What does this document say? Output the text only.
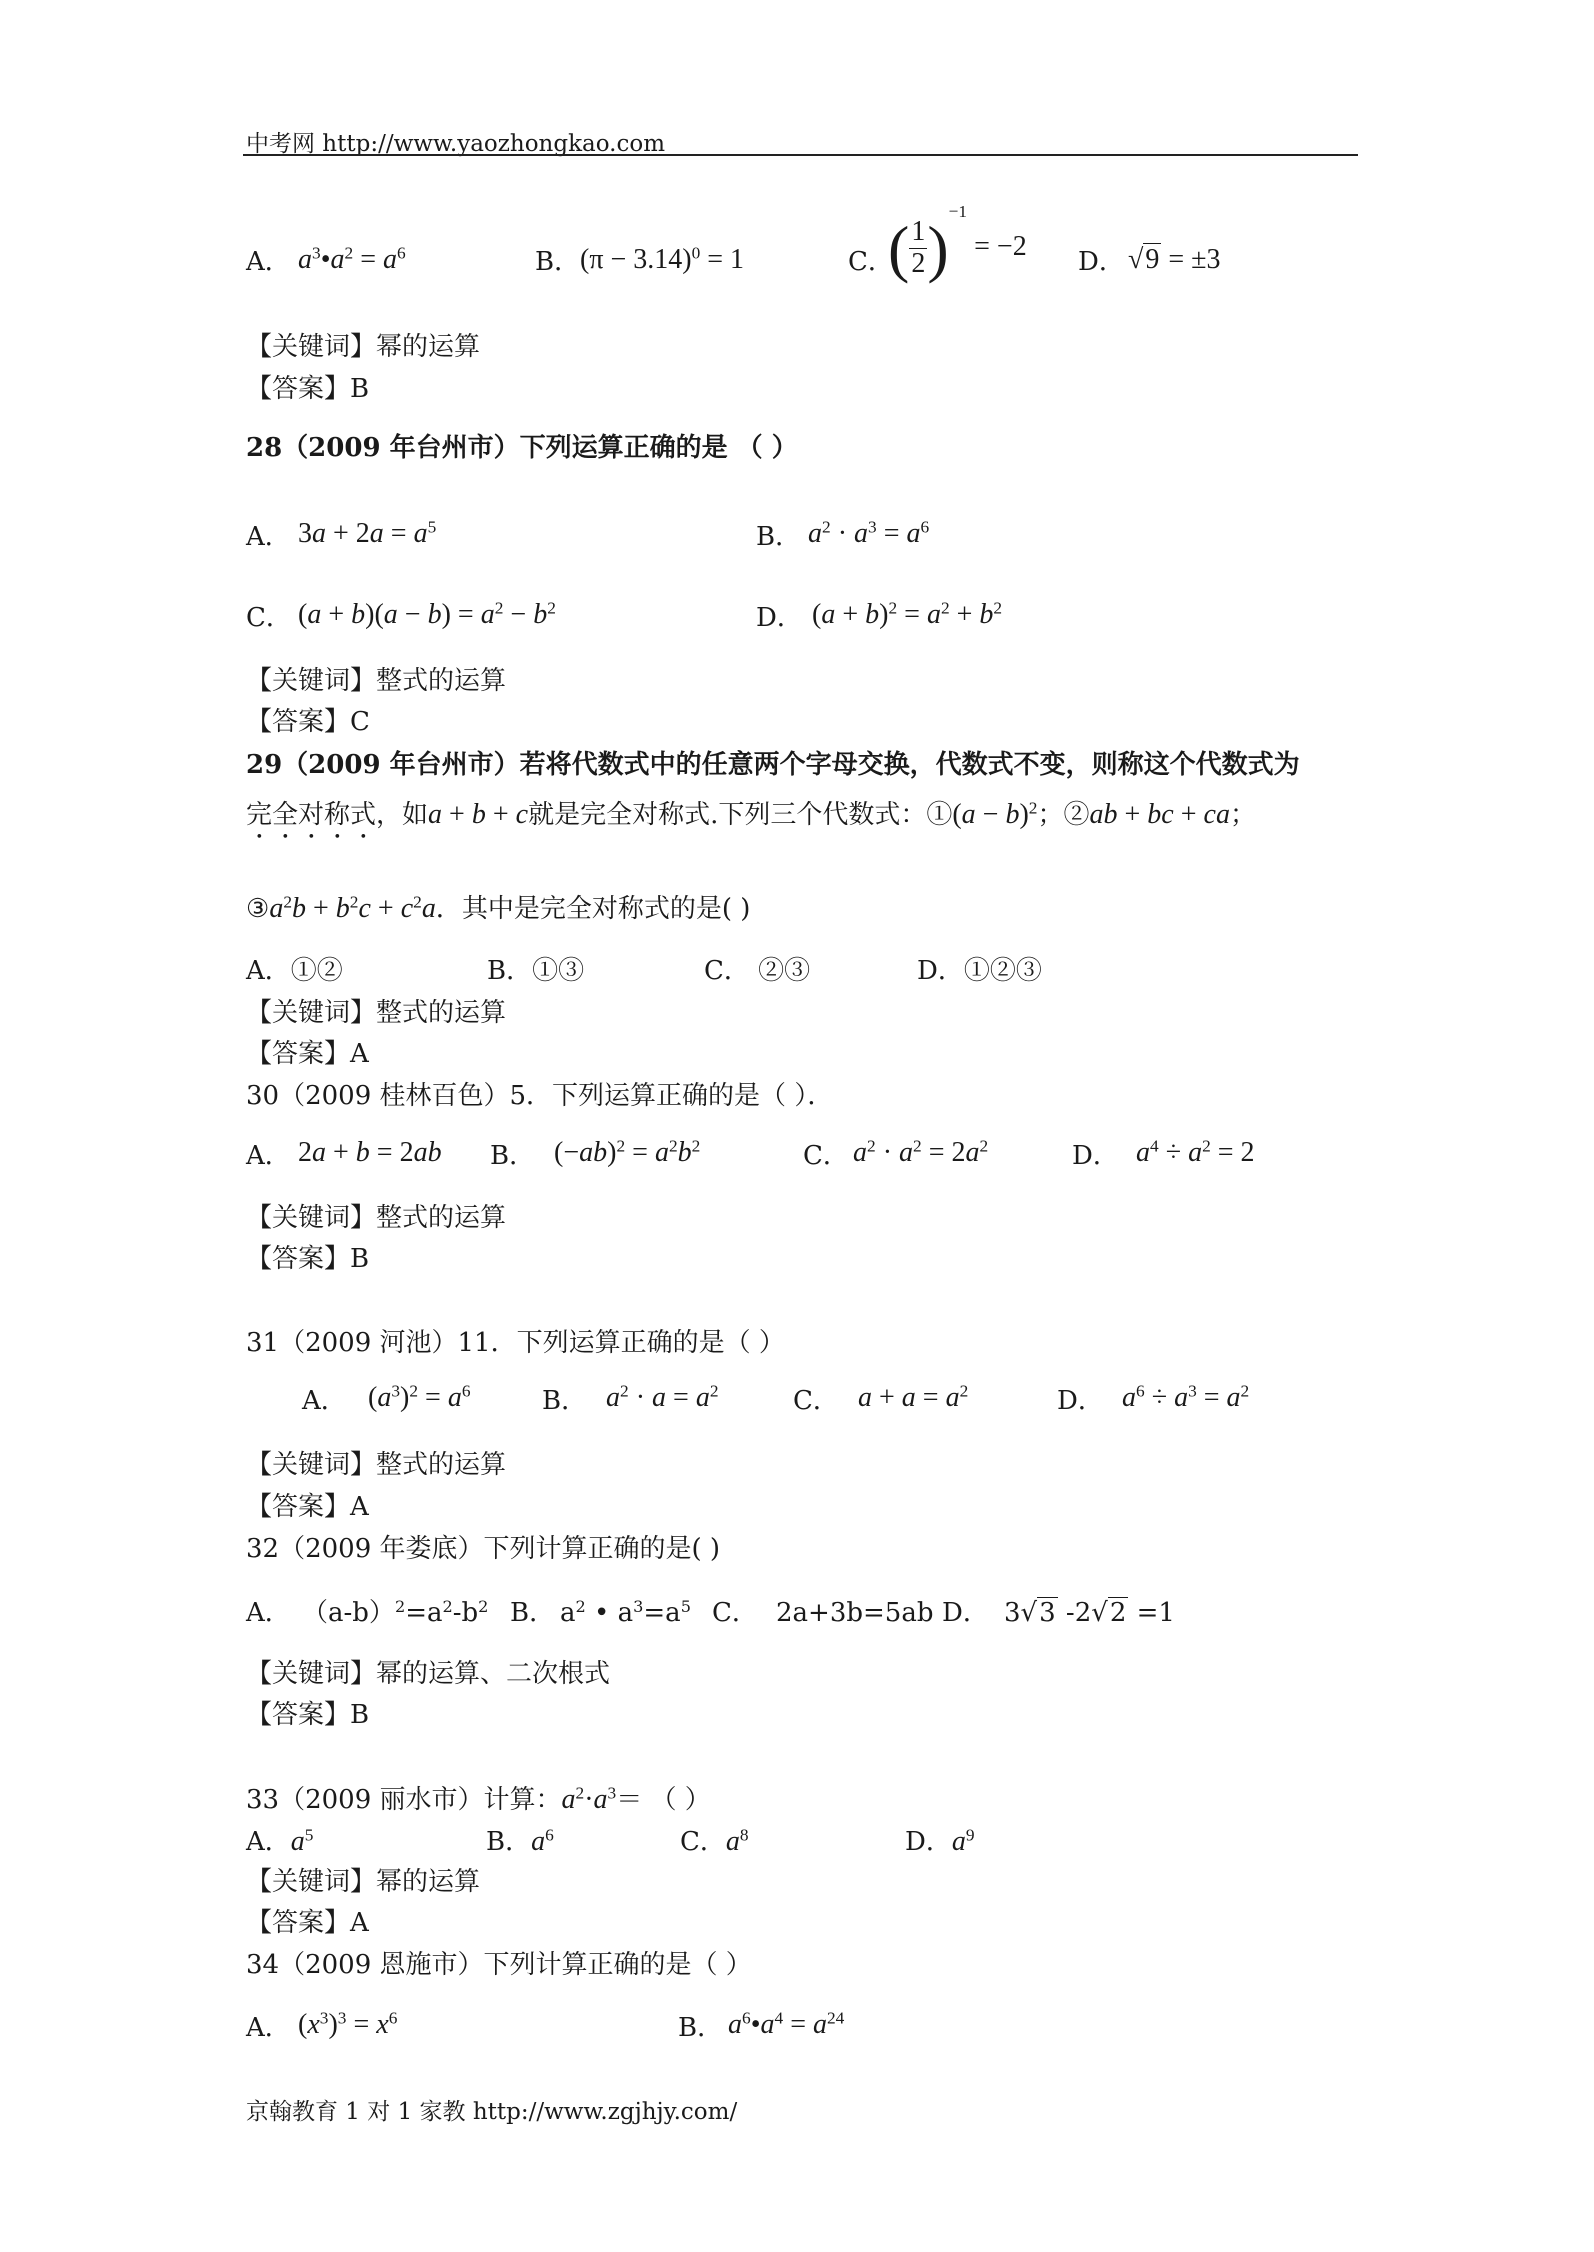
中考网 http://www.yaozhongkao.com
A． $a^3•a^2 = a^6$	B． $(\pi - 3.14)^0 = 1$	C．
( $\frac{1}{2} )^{-1} = -2$ D． √9 = ±3
【关键词】幂的运算
【答案】B
28（2009 年台州市）下列运算正确的是 （ ）
A． $3a + 2a = a^5$	B． $a^2 \cdot a^3 = a^6$
C． $(a + b)(a - b) = a^2 - b^2$	D． $(a + b)^2 = a^2 + b^2$
【关键词】整式的运算
【答案】C
29（2009 年台州市）若将代数式中的任意两个字母交换，代数式不变，则称这个代数式为
完全对称式，如a + b + c就是完全对称式.下列三个代数式：①(a − b)$^2$；②ab + bc + ca；
$③a^2b + b^2c + c^2a$．其中是完全对称式的是( )
A．①②	B．①③	C． ②③	D．①②③
【关键词】整式的运算
【答案】A
30（2009 桂林百色）5．下列运算正确的是（ ）．
A． 2a + b = 2ab B． $(-ab)^2 = a^2b^2$	C． $a^2 \cdot a^2 = 2a^2$	D． $a^4 \div a^2 = 2$
【关键词】整式的运算
【答案】B
31（2009 河池）11．下列运算正确的是（ ）
A． $(a^3)^2 = a^6$	B． $a^2 \cdot a = a^2$	C． $a + a = a^2$	D． $a^6 \div a^3 = a^2$
【关键词】整式的运算
【答案】A
32（2009 年娄底）下列计算正确的是( )
A． $(a-b)^2=a^2-b^2$ B． $a^2$ • $a^3=a^5$ C． 2a+3b=5ab D． 3√3 -2√2 =1
【关键词】幂的运算、二次根式
【答案】B
33（2009 丽水市）计算：$a^2\cdot a^3=$ （ ）
A．$a^5$	B．$a^6$	C．$a^8$	D．$a^9$
【关键词】幂的运算
【答案】A
34（2009 恩施市）下列计算正确的是（ ）
A． $(x^3)^3 = x^6$	B． $a^6•a^4 = a^{24}$
京翰教育 1 对 1 家教 http://www.zgjhjy.com/
